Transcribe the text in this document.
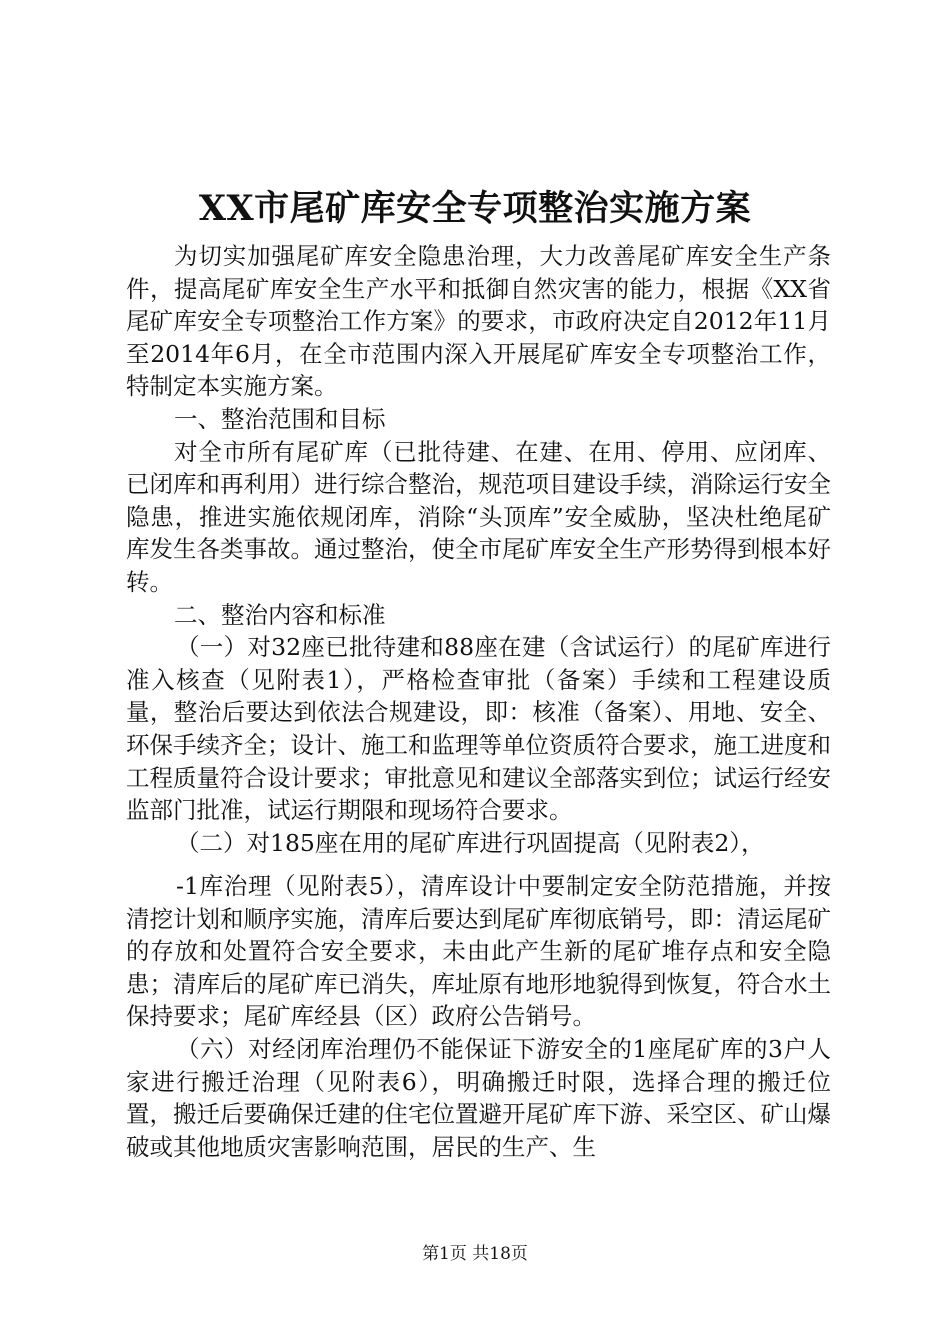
XX市尾矿库安全专项整治实施方案

为切实加强尾矿库安全隐患治理，大力改善尾矿库安全生产条件，提高尾矿库安全生产水平和抵御自然灾害的能力，根据《XX省尾矿库安全专项整治工作方案》的要求，市政府决定自2012年11月至2014年6月，在全市范围内深入开展尾矿库安全专项整治工作，特制定本实施方案。

一、整治范围和目标

对全市所有尾矿库（已批待建、在建、在用、停用、应闭库、已闭库和再利用）进行综合整治，规范项目建设手续，消除运行安全隐患，推进实施依规闭库，消除“头顶库”安全威胁，坚决杜绝尾矿库发生各类事故。通过整治，使全市尾矿库安全生产形势得到根本好转。

二、整治内容和标准

（一）对32座已批待建和88座在建（含试运行）的尾矿库进行准入核查（见附表1），严格检查审批（备案）手续和工程建设质量，整治后要达到依法合规建设，即：核准（备案）、用地、安全、环保手续齐全；设计、施工和监理等单位资质符合要求，施工进度和工程质量符合设计要求；审批意见和建议全部落实到位；试运行经安监部门批准，试运行期限和现场符合要求。

（二）对185座在用的尾矿库进行巩固提高（见附表2），

-1库治理（见附表5），清库设计中要制定安全防范措施，并按清挖计划和顺序实施，清库后要达到尾矿库彻底销号，即：清运尾矿的存放和处置符合安全要求，未由此产生新的尾矿堆存点和安全隐患；清库后的尾矿库已消失，库址原有地形地貌得到恢复，符合水土保持要求；尾矿库经县（区）政府公告销号。

（六）对经闭库治理仍不能保证下游安全的1座尾矿库的3户人家进行搬迁治理（见附表6），明确搬迁时限，选择合理的搬迁位置，搬迁后要确保迁建的住宅位置避开尾矿库下游、采空区、矿山爆破或其他地质灾害影响范围，居民的生产、生

第1页 共18页
